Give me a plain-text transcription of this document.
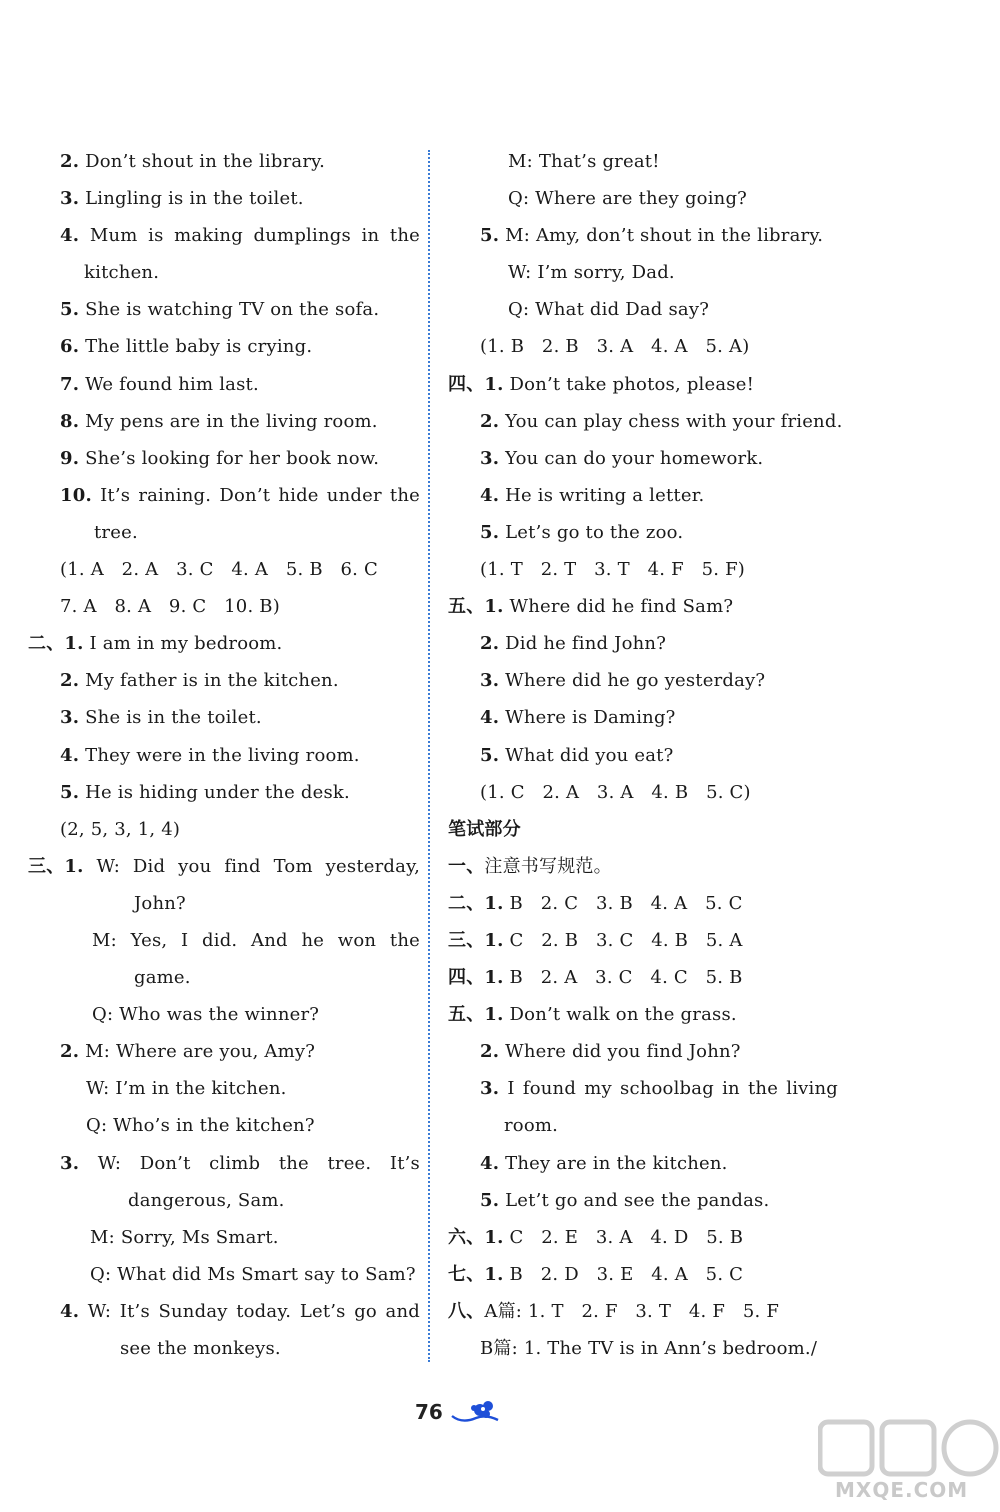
2. Don’t shout in the library.
3. Lingling is in the toilet.
4. Mum is making dumplings in the
kitchen.
5. She is watching TV on the sofa.
6. The little baby is crying.
7. We found him last.
8. My pens are in the living room.
9. She’s looking for her book now.
10. It’s raining. Don’t hide under the
tree.
(1. A   2. A   3. C   4. A   5. B   6. C
7. A   8. A   9. C   10. B)
二、1. I am in my bedroom.
2. My father is in the kitchen.
3. She is in the toilet.
4. They were in the living room.
5. He is hiding under the desk.
(2, 5, 3, 1, 4)
三、1. W: Did you find Tom yesterday,
John?
M: Yes, I did. And he won the
game.
Q: Who was the winner?
2. M: Where are you, Amy?
W: I’m in the kitchen.
Q: Who’s in the kitchen?
3. W: Don’t climb the tree. It’s
dangerous, Sam.
M: Sorry, Ms Smart.
Q: What did Ms Smart say to Sam?
4. W: It’s Sunday today. Let’s go and
see the monkeys.
M: That’s great!
Q: Where are they going?
5. M: Amy, don’t shout in the library.
W: I’m sorry, Dad.
Q: What did Dad say?
(1. B   2. B   3. A   4. A   5. A)
四、1. Don’t take photos, please!
2. You can play chess with your friend.
3. You can do your homework.
4. He is writing a letter.
5. Let’s go to the zoo.
(1. T   2. T   3. T   4. F   5. F)
五、1. Where did he find Sam?
2. Did he find John?
3. Where did he go yesterday?
4. Where is Daming?
5. What did you eat?
(1. C   2. A   3. A   4. B   5. C)
笔试部分
一、注意书写规范。
二、1. B   2. C   3. B   4. A   5. C
三、1. C   2. B   3. C   4. B   5. A
四、1. B   2. A   3. C   4. C   5. B
五、1. Don’t walk on the grass.
2. Where did you find John?
3. I found my schoolbag in the living
room.
4. They are in the kitchen.
5. Let’t go and see the pandas.
六、1. C   2. E   3. A   4. D   5. B
七、1. B   2. D   3. E   4. A   5. C
八、A篇: 1. T   2. F   3. T   4. F   5. F
B篇: 1. The TV is in Ann’s bedroom./
76
MXQE.COM
